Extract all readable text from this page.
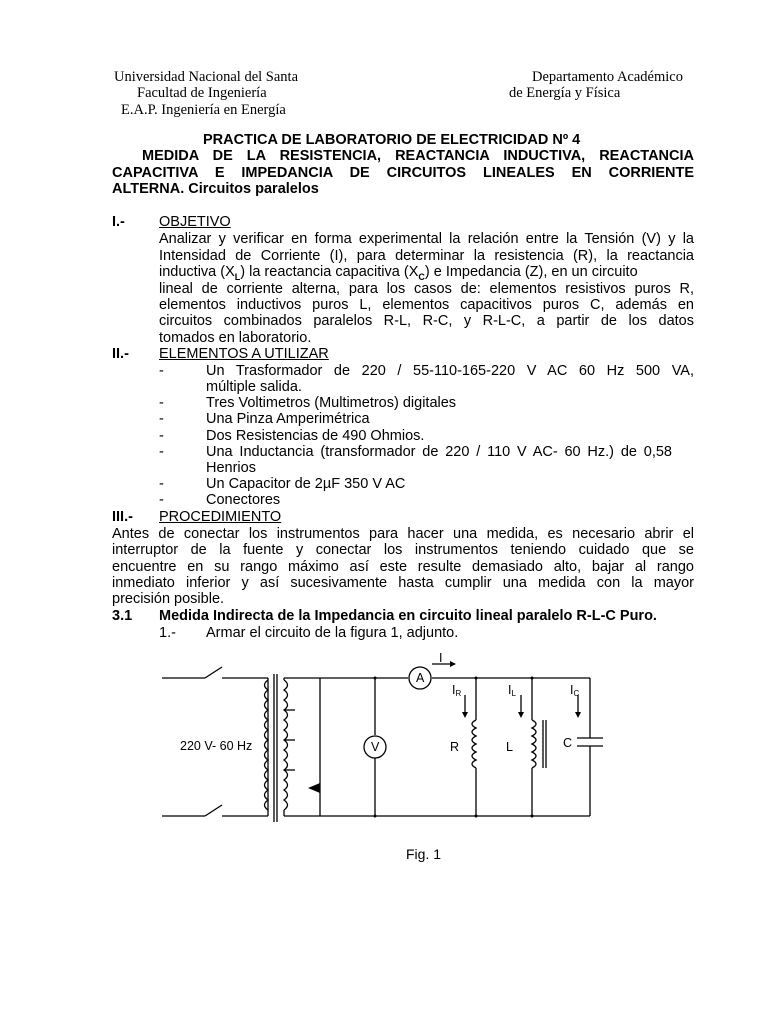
Universidad Nacional del Santa
Facultad de Ingeniería
E.A.P. Ingeniería en Energía
Departamento Académico
de Energía y Física
PRACTICA DE LABORATORIO DE ELECTRICIDAD Nº 4
MEDIDA DE LA RESISTENCIA, REACTANCIA INDUCTIVA, REACTANCIA
CAPACITIVA E IMPEDANCIA DE CIRCUITOS LINEALES EN CORRIENTE
ALTERNA. Circuitos paralelos
I.- OBJETIVO
Analizar y verificar en forma experimental la relación entre la Tensión (V) y la
Intensidad de Corriente (I), para determinar la resistencia (R), la reactancia
inductiva $(X_L)$ la reactancia capacitiva $(X_C)$ e Impedancia (Z), en un circuito
lineal de corriente alterna, para los casos de: elementos resistivos puros R,
elementos inductivos puros L, elementos capacitivos puros C, además en
circuitos combinados paralelos R-L, R-C, y R-L-C, a partir de los datos
tomados en laboratorio.
II.- ELEMENTOS A UTILIZAR
-	Un Trasformador de 220 / 55-110-165-220 V AC 60 Hz 500 VA,
múltiple salida.
-	Tres Voltimetros (Multimetros) digitales
-	Una Pinza Amperimétrica
-	Dos Resistencias de 490 Ohmios.
-	Una Inductancia (transformador de 220 / 110 V AC- 60 Hz.) de 0,58
Henrios
-	Un Capacitor de 2µF 350 V AC
-	Conectores
III.- PROCEDIMIENTO
Antes de conectar los instrumentos para hacer una medida, es necesario abrir el
interruptor de la fuente y conectar los instrumentos teniendo cuidado que se
encuentre en su rango máximo así este resulte demasiado alto, bajar al rango
inmediato inferior y así sucesivamente hasta cumplir una medida con la mayor
precisión posible.
3.1 Medida Indirecta de la Impedancia en circuito lineal paralelo R-L-C Puro.
1.- Armar el circuito de la figura 1, adjunto.
220 V- 60 Hz
A
V
I
IR	IL	IC
R	L	C
Fig. 1
